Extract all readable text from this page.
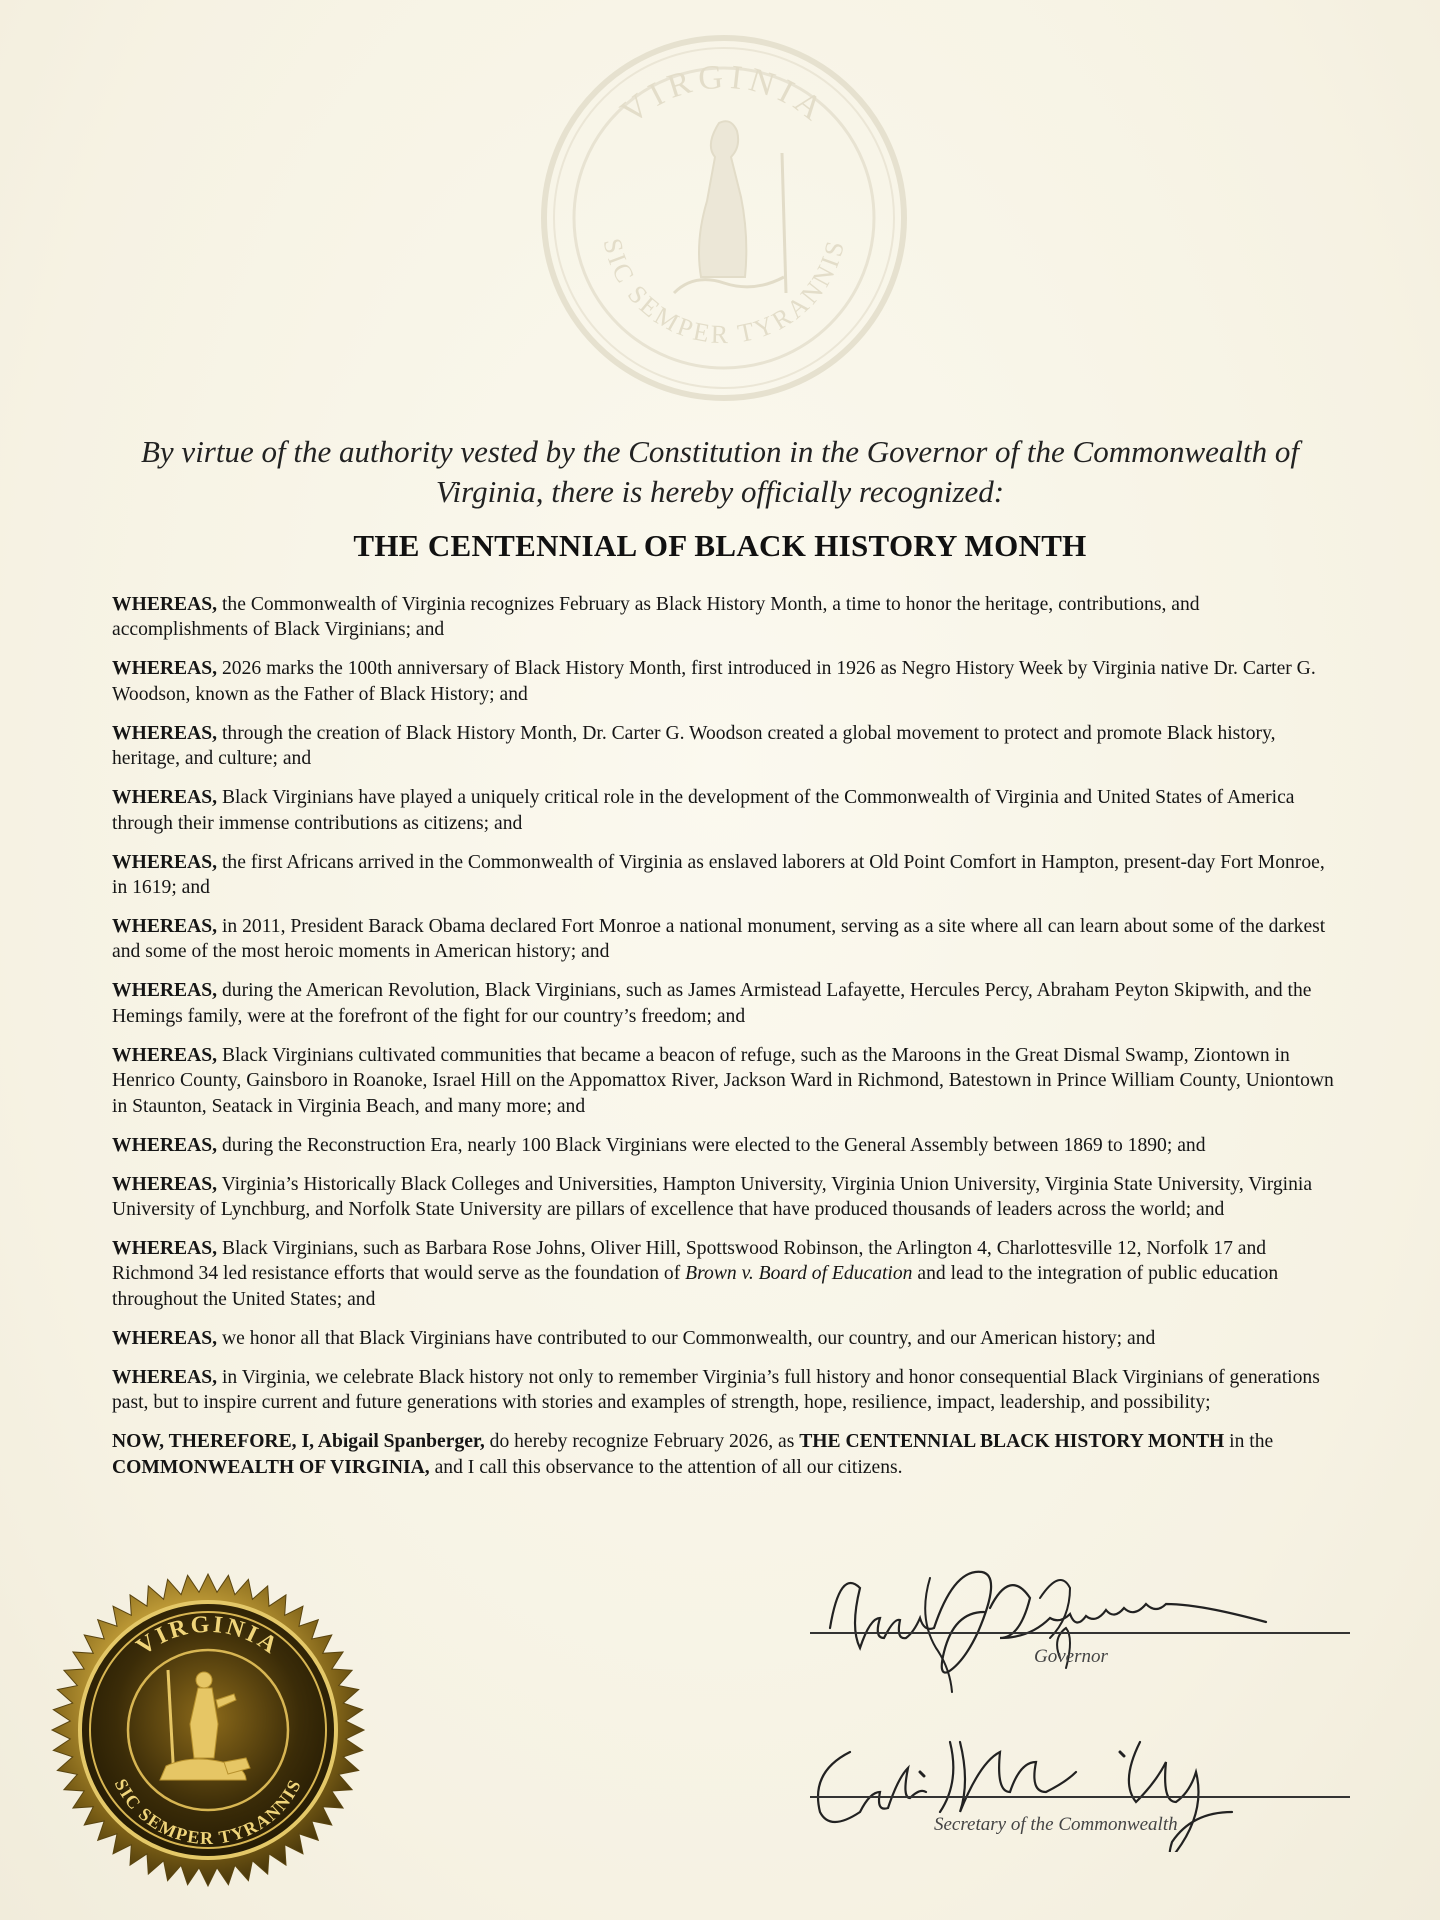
VIRGINIA
SIC SEMPER TYRANNIS
By virtue of the authority vested by the Constitution in the Governor of the Commonwealth of Virginia, there is hereby officially recognized:
THE CENTENNIAL OF BLACK HISTORY MONTH

WHEREAS, the Commonwealth of Virginia recognizes February as Black History Month, a time to honor the heritage, contributions, and accomplishments of Black Virginians; and

WHEREAS, 2026 marks the 100th anniversary of Black History Month, first introduced in 1926 as Negro History Week by Virginia native Dr. Carter G. Woodson, known as the Father of Black History; and

WHEREAS, through the creation of Black History Month, Dr. Carter G. Woodson created a global movement to protect and promote Black history, heritage, and culture; and

WHEREAS, Black Virginians have played a uniquely critical role in the development of the Commonwealth of Virginia and United States of America through their immense contributions as citizens; and

WHEREAS, the first Africans arrived in the Commonwealth of Virginia as enslaved laborers at Old Point Comfort in Hampton, present-day Fort Monroe, in 1619; and

WHEREAS, in 2011, President Barack Obama declared Fort Monroe a national monument, serving as a site where all can learn about some of the darkest and some of the most heroic moments in American history; and

WHEREAS, during the American Revolution, Black Virginians, such as James Armistead Lafayette, Hercules Percy, Abraham Peyton Skipwith, and the Hemings family, were at the forefront of the fight for our country’s freedom; and

WHEREAS, Black Virginians cultivated communities that became a beacon of refuge, such as the Maroons in the Great Dismal Swamp, Ziontown in Henrico County, Gainsboro in Roanoke, Israel Hill on the Appomattox River, Jackson Ward in Richmond, Batestown in Prince William County, Uniontown in Staunton, Seatack in Virginia Beach, and many more; and

WHEREAS, during the Reconstruction Era, nearly 100 Black Virginians were elected to the General Assembly between 1869 to 1890; and

WHEREAS, Virginia’s Historically Black Colleges and Universities, Hampton University, Virginia Union University, Virginia State University, Virginia University of Lynchburg, and Norfolk State University are pillars of excellence that have produced thousands of leaders across the world; and

WHEREAS, Black Virginians, such as Barbara Rose Johns, Oliver Hill, Spottswood Robinson, the Arlington 4, Charlottesville 12, Norfolk 17 and Richmond 34 led resistance efforts that would serve as the foundation of Brown v. Board of Education and lead to the integration of public education throughout the United States; and

WHEREAS, we honor all that Black Virginians have contributed to our Commonwealth, our country, and our American history; and

WHEREAS, in Virginia, we celebrate Black history not only to remember Virginia’s full history and honor consequential Black Virginians of generations past, but to inspire current and future generations with stories and examples of strength, hope, resilience, impact, leadership, and possibility;

NOW, THEREFORE, I, Abigail Spanberger, do hereby recognize February 2026, as THE CENTENNIAL BLACK HISTORY MONTH in the COMMONWEALTH OF VIRGINIA, and I call this observance to the attention of all our citizens.

VIRGINIA
SIC SEMPER TYRANNIS
Governor
Secretary of the Commonwealth
